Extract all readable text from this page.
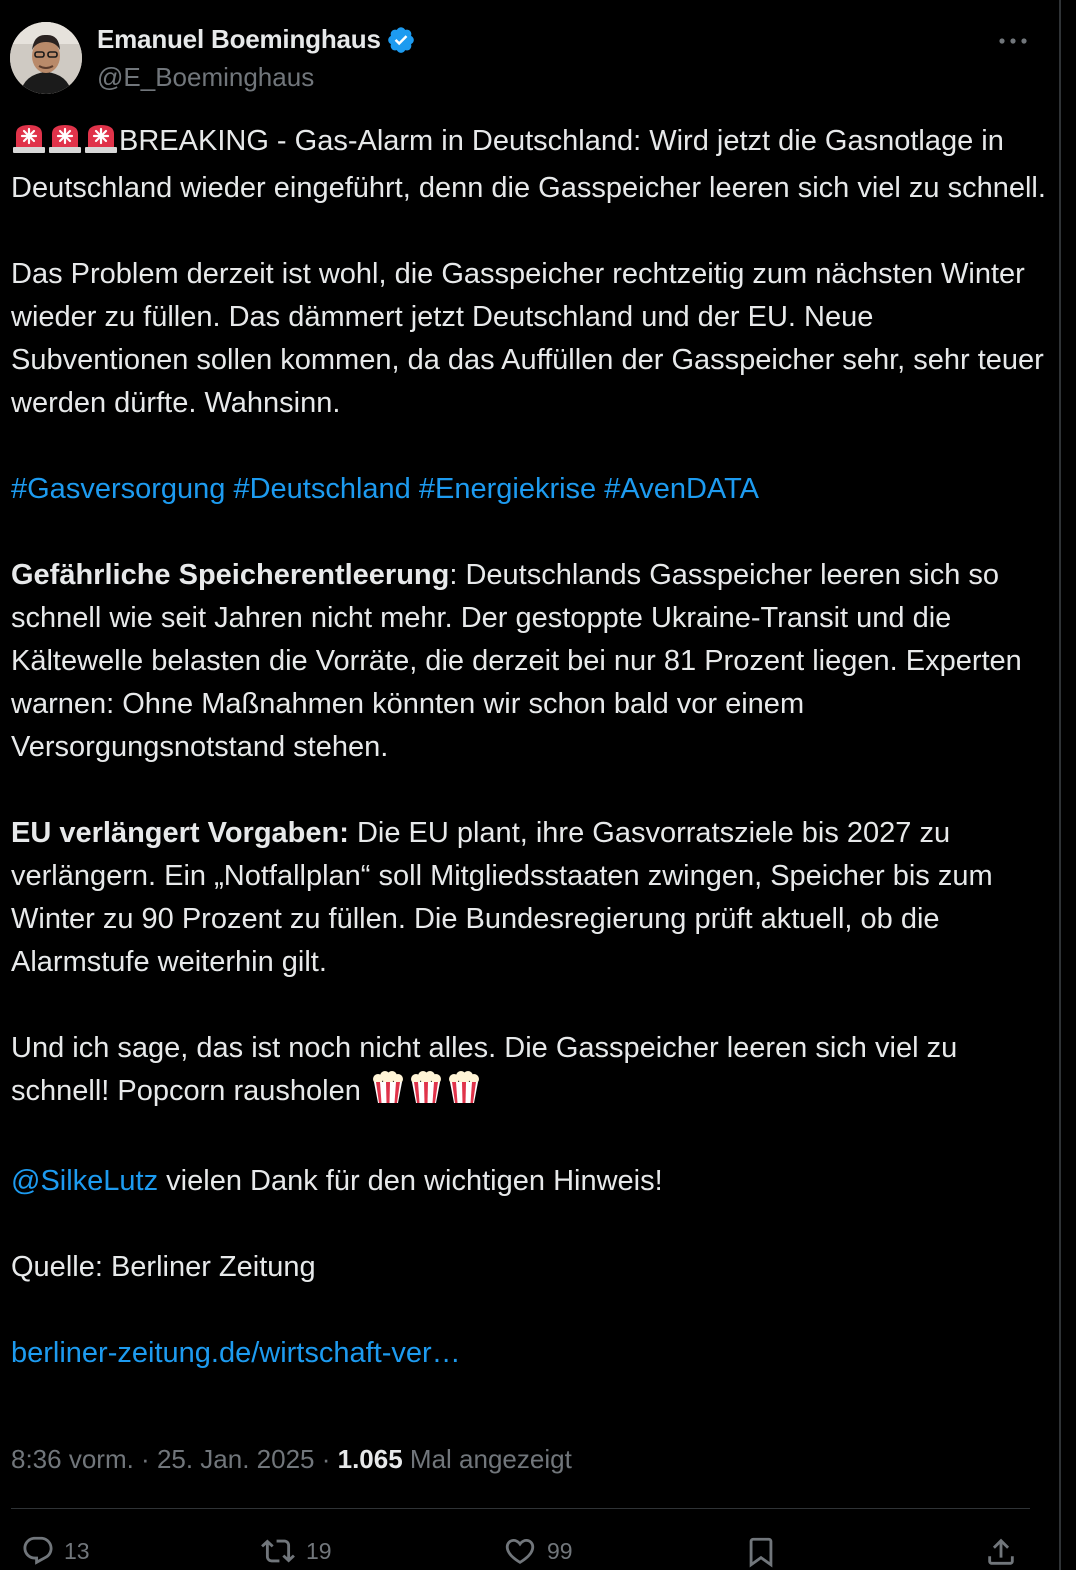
Emanuel Boeminghaus
@E_Boeminghaus

BREAKING - Gas-Alarm in Deutschland: Wird jetzt die Gasnotlage in Deutschland wieder eingeführt, denn die Gasspeicher leeren sich viel zu schnell.

Das Problem derzeit ist wohl, die Gasspeicher rechtzeitig zum nächsten Winter wieder zu füllen. Das dämmert jetzt Deutschland und der EU. Neue Subventionen sollen kommen, da das Auffüllen der Gasspeicher sehr, sehr teuer werden dürfte. Wahnsinn.

#Gasversorgung #Deutschland #Energiekrise #AvenDATA

Gefährliche Speicherentleerung: Deutschlands Gasspeicher leeren sich so schnell wie seit Jahren nicht mehr. Der gestoppte Ukraine-Transit und die Kältewelle belasten die Vorräte, die derzeit bei nur 81 Prozent liegen. Experten warnen: Ohne Maßnahmen könnten wir schon bald vor einem Versorgungsnotstand stehen.

EU verlängert Vorgaben: Die EU plant, ihre Gasvorratsziele bis 2027 zu verlängern. Ein „Notfallplan“ soll Mitgliedsstaaten zwingen, Speicher bis zum Winter zu 90 Prozent zu füllen. Die Bundesregierung prüft aktuell, ob die Alarmstufe weiterhin gilt.

Und ich sage, das ist noch nicht alles. Die Gasspeicher leeren sich viel zu schnell! Popcorn rausholen

@SilkeLutz vielen Dank für den wichtigen Hinweis!

Quelle: Berliner Zeitung

berliner-zeitung.de/wirtschaft-ver…

8:36 vorm. · 25. Jan. 2025 · 1.065 Mal angezeigt
13	19	99
